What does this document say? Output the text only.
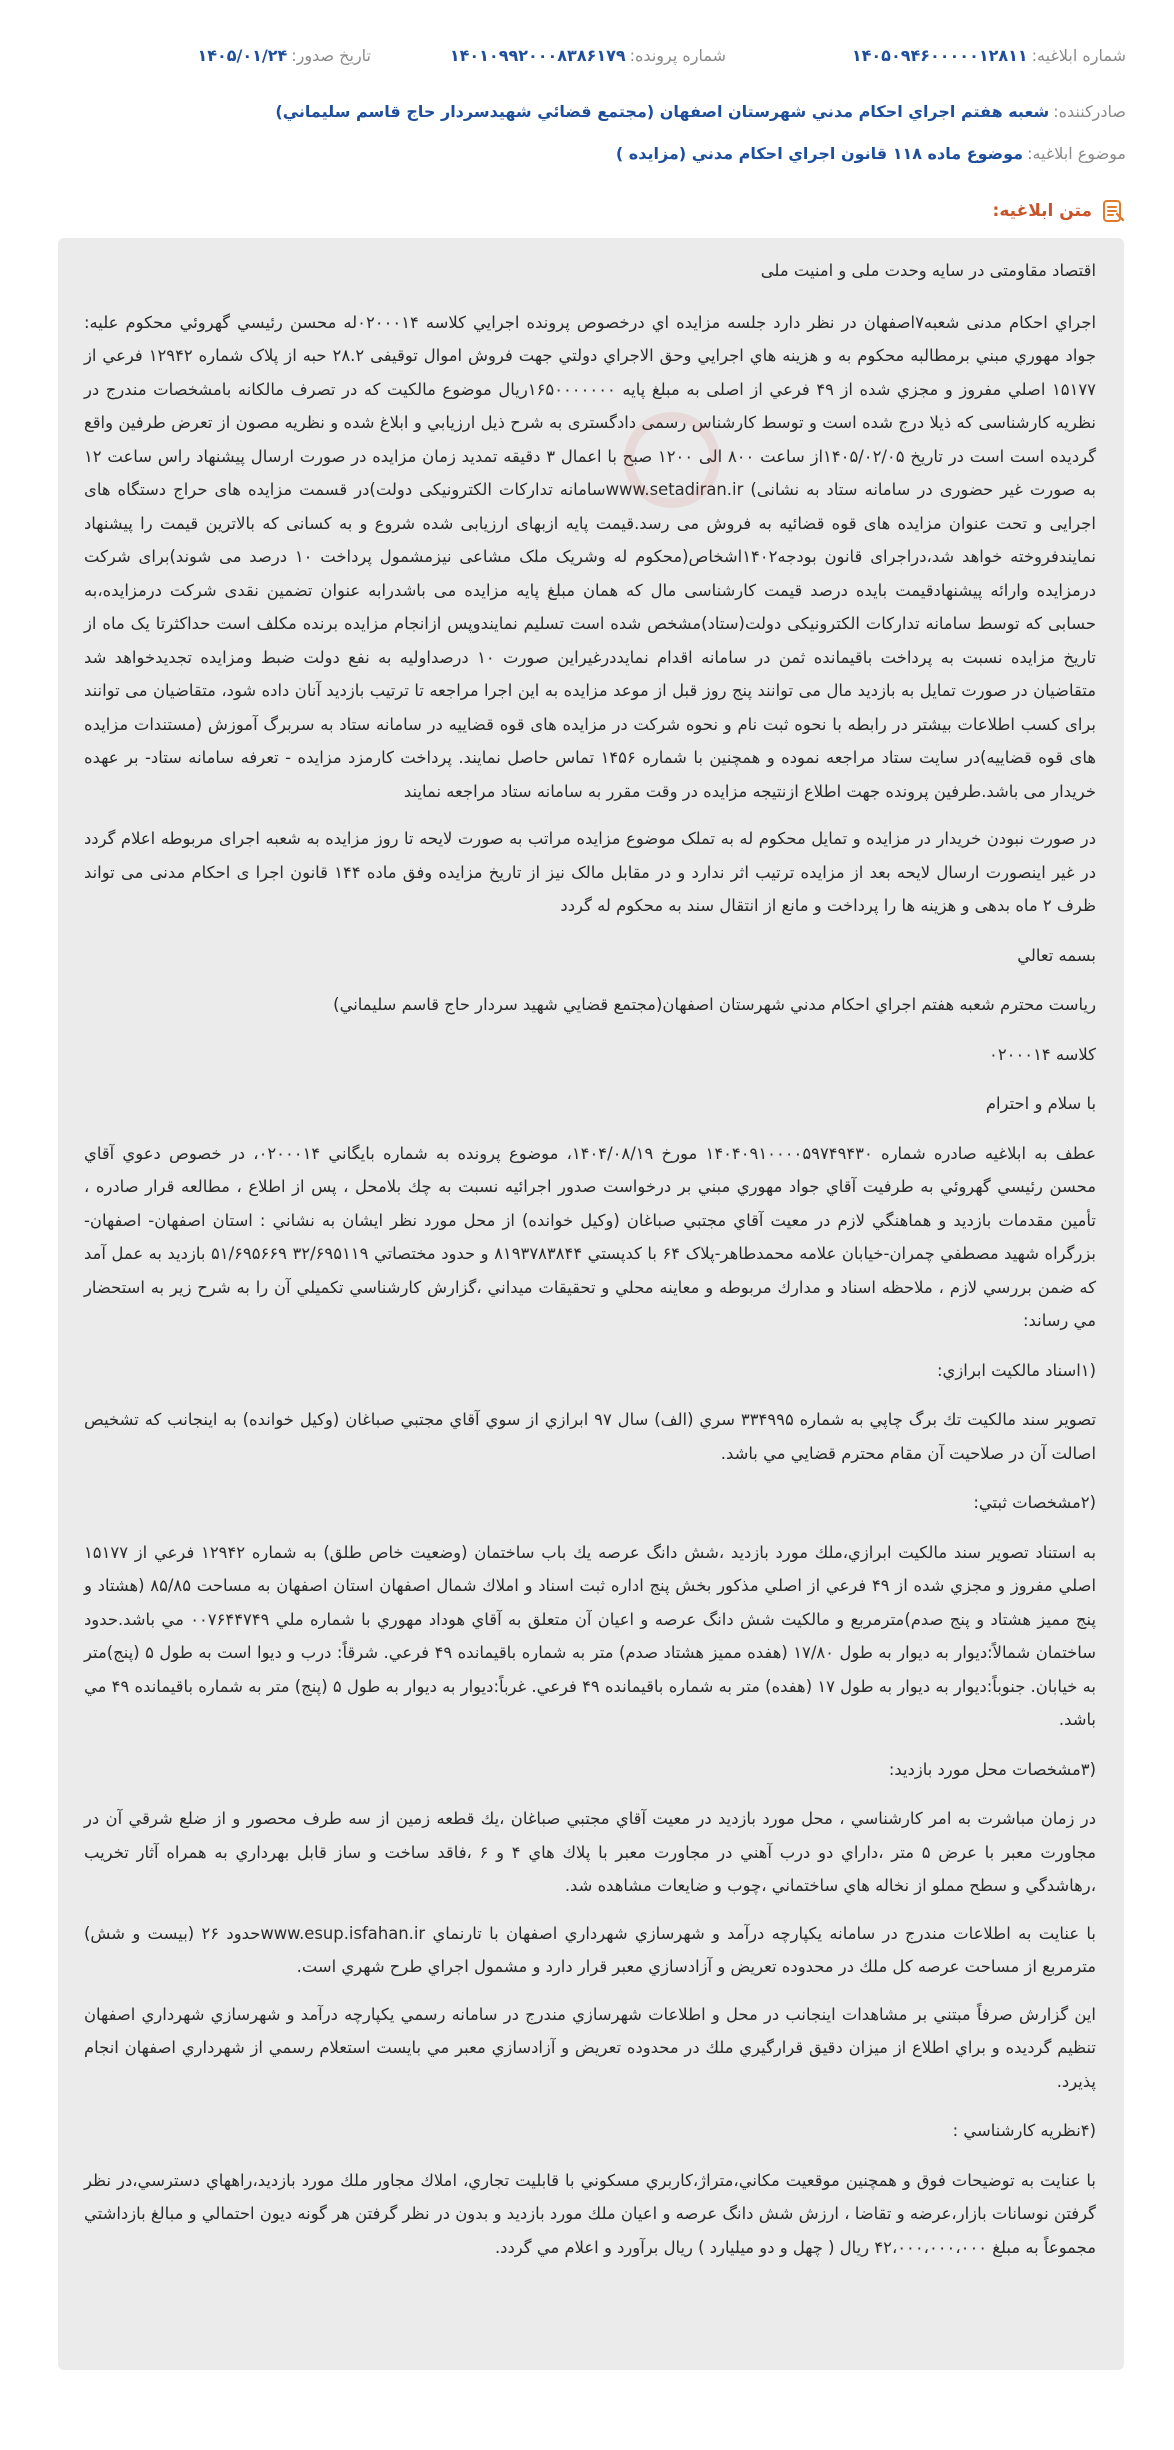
شماره ابلاغيه:
۱۴۰۵۰۹۴۶۰۰۰۰۰۱۲۸۱۱
شماره پرونده:
۱۴۰۱۰۹۹۲۰۰۰۸۳۸۶۱۷۹
تاريخ صدور:
۱۴۰۵/۰۱/۲۴
صادرکننده:
شعبه هفتم اجراي احکام مدني شهرستان اصفهان (مجتمع قضائي شهيدسردار حاج قاسم سليماني)
موضوع ابلاغيه:
موضوع ماده ۱۱۸ قانون اجراي احکام مدني (مزايده )
متن ابلاغيه:

اقتصاد مقاومتی در سایه وحدت ملی و امنیت ملی

اجراي احکام مدنی شعبه۷اصفهان در نظر دارد جلسه مزايده اي درخصوص پرونده اجرايي کلاسه ۰۲۰۰۰۱۴له محسن رئيسي گهروئي محکوم عليه: جواد مهوري مبني برمطالبه محکوم به و هزينه هاي اجرايي وحق الاجراي دولتي جهت فروش اموال توقيفی ۲۸.۲ حبه از پلاک شماره ۱۲۹۴۲ فرعي از ۱۵۱۷۷ اصلي مفروز و مجزي شده از ۴۹ فرعي از اصلی به مبلغ پايه ۱۶۵۰۰۰۰۰۰۰ريال موضوع مالکيت که در تصرف مالکانه بامشخصات مندرج در نظريه کارشناسی که ذيلا درج شده است و توسط کارشناس رسمی دادگستری به شرح ذيل ارزيابي و ابلاغ شده و نظريه مصون از تعرض طرفين واقع گرديده است است در تاريخ ۱۴۰۵/۰۲/۰۵از ساعت ۸۰۰ الی ۱۲۰۰ صبح با اعمال ۳ دقيقه تمديد زمان مزايده در صورت ارسال پيشنهاد راس ساعت ۱۲ به صورت غير حضوری در سامانه ستاد به نشانی) www.setadiran.irسامانه تدارکات الکترونيکی دولت)در قسمت مزايده های حراج دستگاه های اجرايی و تحت عنوان مزايده های قوه قضائيه به فروش می رسد.قيمت پايه ازبهای ارزيابی شده شروع و به کسانی که بالاترين قيمت را پيشنهاد نمايندفروخته خواهد شد،دراجرای قانون بودجه۱۴۰۲اشخاص(محکوم له وشريک ملک مشاعی نيزمشمول پرداخت ۱۰ درصد می شوند)برای شرکت درمزايده وارائه پيشنهادقيمت بايده درصد قيمت کارشناسی مال که همان مبلغ پايه مزايده می باشدرابه عنوان تضمين نقدی شرکت درمزايده،به حسابی که توسط سامانه تدارکات الکترونيکی دولت(ستاد)مشخص شده است تسليم نمايندوپس ازانجام مزايده برنده مکلف است حداکثرتا يک ماه از تاريخ مزايده نسبت به پرداخت باقيمانده ثمن در سامانه اقدام نمايددرغيراين صورت ۱۰ درصداوليه به نفع دولت ضبط ومزايده تجديدخواهد شد متقاضيان در صورت تمايل به بازديد مال می توانند پنج روز قبل از موعد مزايده به اين اجرا مراجعه تا ترتيب بازديد آنان داده شود، متقاضيان می توانند برای کسب اطلاعات بيشتر در رابطه با نحوه ثبت نام و نحوه شرکت در مزايده های قوه قضاييه در سامانه ستاد به سربرگ آموزش (مستندات مزايده های قوه قضاييه)در سايت ستاد مراجعه نموده و همچنين با شماره ۱۴۵۶ تماس حاصل نمايند. پرداخت کارمزد مزايده - تعرفه سامانه ستاد- بر عهده خريدار می باشد.طرفين پرونده جهت اطلاع ازنتيجه مزايده در وقت مقرر به سامانه ستاد مراجعه نمايند

در صورت نبودن خريدار در مزايده و تمايل محکوم له به تملک موضوع مزايده مراتب به صورت لايحه تا روز مزايده به شعبه اجرای مربوطه اعلام گردد در غير اينصورت ارسال لايحه بعد از مزايده ترتيب اثر ندارد و در مقابل مالک نيز از تاريخ مزايده وفق ماده ۱۴۴ قانون اجرا ی احکام مدنی می تواند ظرف ۲ ماه بدهی و هزينه ها را پرداخت و مانع از انتقال سند به محکوم له گردد

بسمه تعالي

رياست محترم شعبه هفتم اجراي احكام مدني شهرستان اصفهان(مجتمع قضايي شهيد سردار حاج قاسم سليماني)

کلاسه ۰۲۰۰۰۱۴

با سلام و احترام

عطف به ابلاغيه صادره شماره ۱۴۰۴۰۹۱۰۰۰۰۵۹۷۴۹۴۳۰ مورخ ۱۴۰۴/۰۸/۱۹، موضوع پرونده به شماره بايگاني ۰۲۰۰۰۱۴، در خصوص دعوي آقاي محسن رئيسي گهروئي به طرفيت آقاي جواد مهوري مبني بر درخواست صدور اجرائيه نسبت به چك بلامحل ، پس از اطلاع ، مطالعه قرار صادره ، تأمين مقدمات بازديد و هماهنگي لازم در معيت آقاي مجتبي صباغان (وكيل خوانده) از محل مورد نظر ايشان به نشاني : استان اصفهان- اصفهان-بزرگراه شهيد مصطفي چمران-خيابان علامه محمدطاهر-پلاک ۶۴ با کدپستي ۸۱۹۳۷۸۳۸۴۴ و حدود مختصاتي ۳۲/۶۹۵۱۱۹ ۵۱/۶۹۵۶۶۹ بازديد به عمل آمد که ضمن بررسي لازم ، ملاحظه اسناد و مدارك مربوطه و معاينه محلي و تحقيقات ميداني ،گزارش كارشناسي تكميلي آن را به شرح زير به استحضار مي رساند:

(۱اسناد مالكيت ابرازي:

تصوير سند مالكيت تك برگ چاپي به شماره ۳۳۴۹۹۵ سري (الف) سال ۹۷ ابرازي از سوي آقاي مجتبي صباغان (وكيل خوانده) به اينجانب كه تشخيص اصالت آن در صلاحيت آن مقام محترم قضايي مي باشد.

(۲مشخصات ثبتي:

به استناد تصوير سند مالكيت ابرازي،ملك مورد بازديد ،شش دانگ عرصه يك باب ساختمان (وضعيت خاص طلق) به شماره ۱۲۹۴۲ فرعي از ۱۵۱۷۷ اصلي مفروز و مجزي شده از ۴۹ فرعي از اصلي مذكور بخش پنج اداره ثبت اسناد و املاك شمال اصفهان استان اصفهان به مساحت ۸۵/۸۵ (هشتاد و پنج مميز هشتاد و پنج صدم)مترمربع و مالكيت شش دانگ عرصه و اعيان آن متعلق به آقاي هوداد مهوري با شماره ملي ۰۰۷۶۴۴۷۴۹ مي باشد.حدود ساختمان شمالاً:ديوار به ديوار به طول ۱۷/۸۰ (هفده مميز هشتاد صدم) متر به شماره باقيمانده ۴۹ فرعي. شرقاً: درب و ديوا است به طول ۵ (پنج)متر به خيابان. جنوباً:ديوار به ديوار به طول ۱۷ (هفده) متر به شماره باقيمانده ۴۹ فرعي. غرباً:ديوار به ديوار به طول ۵ (پنج) متر به شماره باقيمانده ۴۹ مي باشد.

(۳مشخصات محل مورد بازديد:

در زمان مباشرت به امر كارشناسي ، محل مورد بازديد در معيت آقاي مجتبي صباغان ،يك قطعه زمين از سه طرف محصور و از ضلع شرقي آن در مجاورت معبر با عرض ۵ متر ،داراي دو درب آهني در مجاورت معبر با پلاك هاي ۴ و ۶ ،فاقد ساخت و ساز قابل بهرداري به همراه آثار تخريب ،رهاشدگي و سطح مملو از نخاله هاي ساختماني ،چوب و ضايعات مشاهده شد.

با عنايت به اطلاعات مندرج در سامانه يكپارچه درآمد و شهرسازي شهرداري اصفهان با تارنماي www.esup.isfahan.irحدود ۲۶ (بيست و شش) مترمربع از مساحت عرصه كل ملك در محدوده تعريض و آزادسازي معبر قرار دارد و مشمول اجراي طرح شهري است.

اين گزارش صرفاً مبتني بر مشاهدات اينجانب در محل و اطلاعات شهرسازي مندرج در سامانه رسمي يكپارچه درآمد و شهرسازي شهرداري اصفهان تنظيم گرديده و براي اطلاع از ميزان دقيق قرارگيري ملك در محدوده تعريض و آزادسازي معبر مي بايست استعلام رسمي از شهرداري اصفهان انجام پذيرد.

(۴نظريه كارشناسي :

با عنايت به توضيحات فوق و همچنين موقعيت مكاني،متراژ،كاربري مسكوني با قابليت تجاري، املاك مجاور ملك مورد بازديد،راههاي دسترسي،در نظر گرفتن نوسانات بازار،عرضه و تقاضا ، ارزش شش دانگ عرصه و اعيان ملك مورد بازديد و بدون در نظر گرفتن هر گونه ديون احتمالي و مبالغ بازداشتي مجموعاً به مبلغ ۴۲،۰۰۰،۰۰۰،۰۰۰ ريال ( چهل و دو ميليارد ) ريال برآورد و اعلام مي گردد.
